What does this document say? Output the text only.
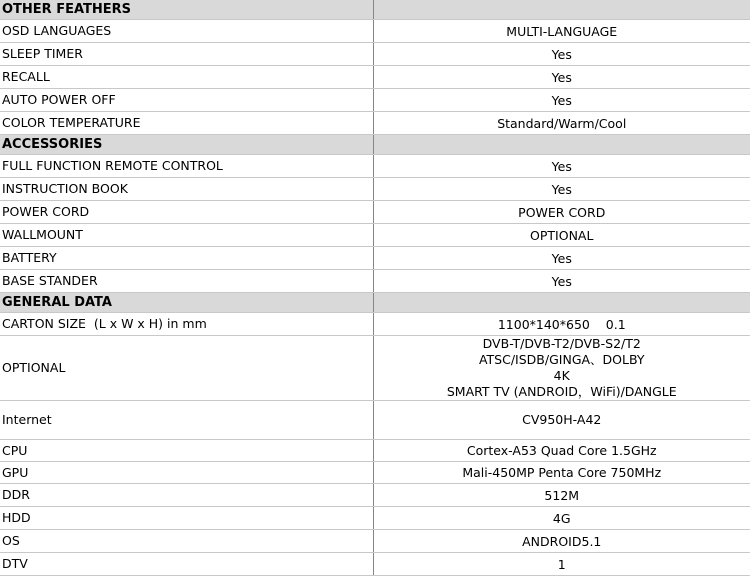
OTHER FEATHERS	
OSD LANGUAGES	MULTI-LANGUAGE
SLEEP TIMER	Yes
RECALL	Yes
AUTO POWER OFF	Yes
COLOR TEMPERATURE	Standard/Warm/Cool
ACCESSORIES	
FULL FUNCTION REMOTE CONTROL	Yes
INSTRUCTION BOOK	Yes
POWER CORD	POWER CORD
WALLMOUNT	OPTIONAL
BATTERY	Yes
BASE STANDER	Yes
GENERAL DATA	
CARTON SIZE  (L x W x H) in mm	1100*140*650    0.1
OPTIONAL	DVB-T/DVB-T2/DVB-S2/T2
ATSC/ISDB/GINGA、DOLBY
4K
SMART TV (ANDROID，WiFi)/DANGLE

Internet	CV950H-A42
CPU	Cortex-A53 Quad Core 1.5GHz
GPU	Mali-450MP Penta Core 750MHz
DDR	512M
HDD	4G
OS	ANDROID5.1
DTV	1
